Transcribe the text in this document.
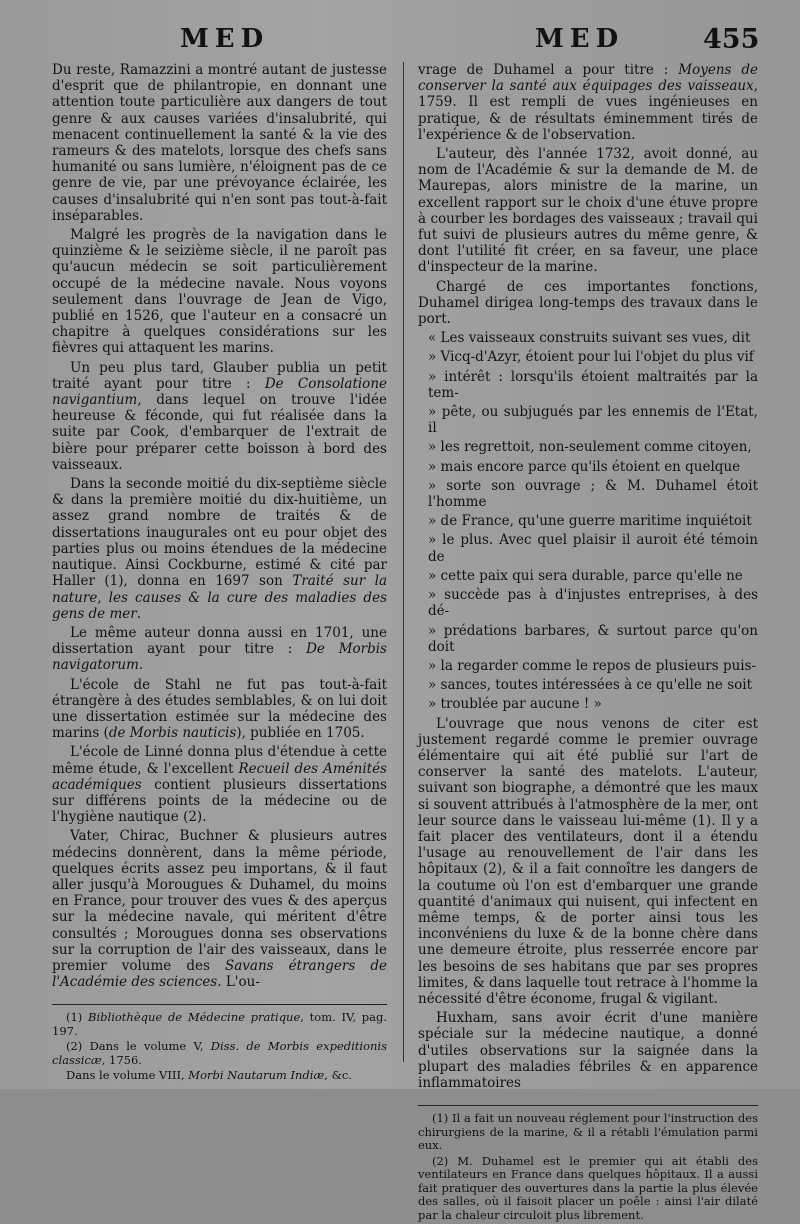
MED	MED	455

Du reste, Ramazzini a montré autant de justesse d'esprit que de philantropie, en donnant une attention toute particulière aux dangers de tout genre & aux causes variées d'insalubrité, qui menacent continuellement la santé & la vie des rameurs & des matelots, lorsque des chefs sans humanité ou sans lumière, n'éloignent pas de ce genre de vie, par une prévoyance éclairée, les causes d'insalubrité qui n'en sont pas tout-à-fait inséparables.

Malgré les progrès de la navigation dans le quinzième & le seizième siècle, il ne paroît pas qu'aucun médecin se soit particulièrement occupé de la médecine navale. Nous voyons seulement dans l'ouvrage de Jean de Vigo, publié en 1526, que l'auteur en a consacré un chapitre à quelques considérations sur les fièvres qui attaquent les marins.

Un peu plus tard, Glauber publia un petit traité ayant pour titre : De Consolatione navigantium, dans lequel on trouve l'idée heureuse & féconde, qui fut réalisée dans la suite par Cook, d'embarquer de l'extrait de bière pour préparer cette boisson à bord des vaisseaux.

Dans la seconde moitié du dix-septième siècle & dans la première moitié du dix-huitième, un assez grand nombre de traités & de dissertations inaugurales ont eu pour objet des parties plus ou moins étendues de la médecine nautique. Ainsi Cockburne, estimé & cité par Haller (1), donna en 1697 son Traité sur la nature, les causes & la cure des maladies des gens de mer.

Le même auteur donna aussi en 1701, une dissertation ayant pour titre : De Morbis navigatorum.

L'école de Stahl ne fut pas tout-à-fait étrangère à des études semblables, & on lui doit une dissertation estimée sur la médecine des marins (de Morbis nauticis), publiée en 1705.

L'école de Linné donna plus d'étendue à cette même étude, & l'excellent Recueil des Aménités académiques contient plusieurs dissertations sur différens points de la médecine ou de l'hygiène nautique (2).

Vater, Chirac, Buchner & plusieurs autres médecins donnèrent, dans la même période, quelques écrits assez peu importans, & il faut aller jusqu'à Morougues & Duhamel, du moins en France, pour trouver des vues & des aperçus sur la médecine navale, qui méritent d'être consultés ; Morougues donna ses observations sur la corruption de l'air des vaisseaux, dans le premier volume des Savans étrangers de l'Académie des sciences. L'ou-

(1) Bibliothèque de Médecine pratique, tom. IV, pag. 197.

(2) Dans le volume V, Diss. de Morbis expeditionis classicæ, 1756.

Dans le volume VIII, Morbi Nautarum Indiæ, &c.

vrage de Duhamel a pour titre : Moyens de conserver la santé aux équipages des vaisseaux, 1759. Il est rempli de vues ingénieuses en pratique, & de résultats éminemment tirés de l'expérience & de l'observation.

L'auteur, dès l'année 1732, avoit donné, au nom de l'Académie & sur la demande de M. de Maurepas, alors ministre de la marine, un excellent rapport sur le choix d'une étuve propre à courber les bordages des vaisseaux ; travail qui fut suivi de plusieurs autres du même genre, & dont l'utilité fit créer, en sa faveur, une place d'inspecteur de la marine.

Chargé de ces importantes fonctions, Duhamel dirigea long-temps des travaux dans le port.

« Les vaisseaux construits suivant ses vues, dit

» Vicq-d'Azyr, étoient pour lui l'objet du plus vif

» intérêt : lorsqu'ils étoient maltraités par la tem-

» pête, ou subjugués par les ennemis de l'Etat, il

» les regrettoit, non-seulement comme citoyen,

» mais encore parce qu'ils étoient en quelque

» sorte son ouvrage ; & M. Duhamel étoit l'homme

» de France, qu'une guerre maritime inquiétoit

» le plus. Avec quel plaisir il auroit été témoin de

» cette paix qui sera durable, parce qu'elle ne

» succède pas à d'injustes entreprises, à des dé-

» prédations barbares, & surtout parce qu'on doit

» la regarder comme le repos de plusieurs puis-

» sances, toutes intéressées à ce qu'elle ne soit

» troublée par aucune ! »

L'ouvrage que nous venons de citer est justement regardé comme le premier ouvrage élémentaire qui ait été publié sur l'art de conserver la santé des matelots. L'auteur, suivant son biographe, a démontré que les maux si souvent attribués à l'atmosphère de la mer, ont leur source dans le vaisseau lui-même (1). Il y a fait placer des ventilateurs, dont il a étendu l'usage au renouvellement de l'air dans les hôpitaux (2), & il a fait connoître les dangers de la coutume où l'on est d'embarquer une grande quantité d'animaux qui nuisent, qui infectent en même temps, & de porter ainsi tous les inconvéniens du luxe & de la bonne chère dans une demeure étroite, plus resserrée encore par les besoins de ses habitans que par ses propres limites, & dans laquelle tout retrace à l'homme la nécessité d'être économe, frugal & vigilant.

Huxham, sans avoir écrit d'une manière spéciale sur la médecine nautique, a donné d'utiles observations sur la saignée dans la plupart des maladies fébriles & en apparence inflammatoires

(1) Il a fait un nouveau réglement pour l'instruction des chirurgiens de la marine, & il a rétabli l'émulation parmi eux.

(2) M. Duhamel est le premier qui ait établi des ventilateurs en France dans quelques hôpitaux. Il a aussi fait pratiquer des ouvertures dans la partie la plus élevée des salles, où il faisoit placer un poêle : ainsi l'air dilaté par la chaleur circuloit plus librement.
